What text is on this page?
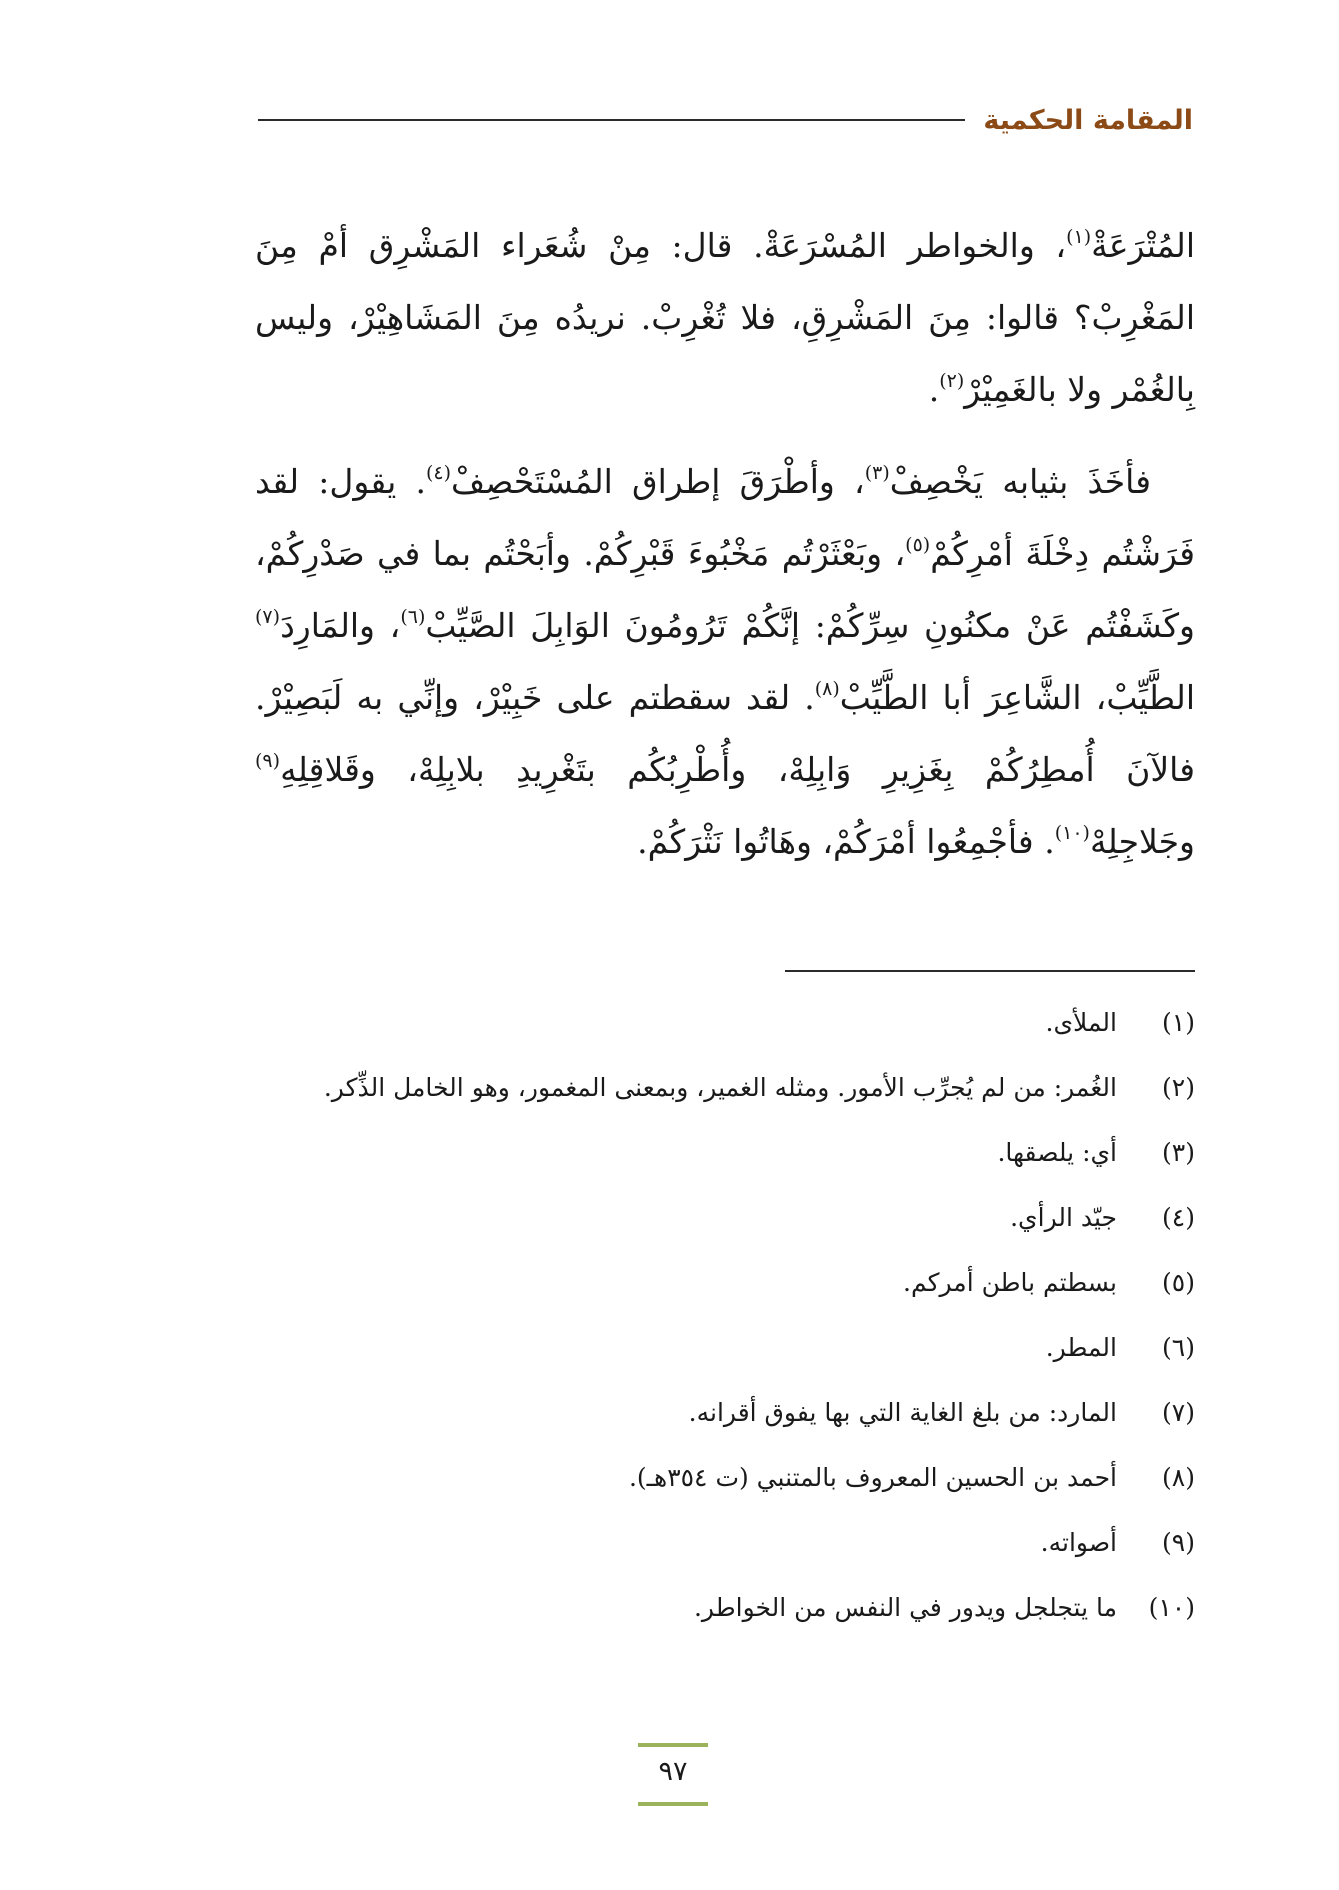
المقامة الحكمية

المُتْرَعَةْ$^{(١)}$، والخواطر المُسْرَعَةْ. قال: مِنْ شُعَراء المَشْرِق أمْ مِنَ المَغْرِبْ؟ قالوا: مِنَ المَشْرِقِ، فلا تُغْرِبْ. نريدُه مِنَ المَشَاهِيْرْ، وليس بِالغُمْر ولا بالغَمِيْرْ$^{(٢)}$.

فأخَذَ بثيابه يَخْصِفْ$^{(٣)}$، وأطْرَقَ إطراق المُسْتَحْصِفْ$^{(٤)}$. يقول: لقد فَرَشْتُم دِخْلَةَ أمْرِكُمْ$^{(٥)}$، وبَعْثَرْتُم مَخْبُوءَ قَبْرِكُمْ. وأبَحْتُم بما في صَدْرِكُمْ، وكَشَفْتُم عَنْ مكنُونِ سِرِّكُمْ: إنَّكُمْ تَرُومُونَ الوَابِلَ الصَّيِّبْ$^{(٦)}$، والمَارِدَ$^{(٧)}$ الطَّيِّبْ، الشَّاعِرَ أبا الطَّيِّبْ$^{(٨)}$. لقد سقطتم على خَبِيْرْ، وإنِّي به لَبَصِيْرْ. فالآنَ أُمطِرُكُمْ بِغَزِيرِ وَابِلِهْ، وأُطْرِبُكُم بتَغْرِيدِ بلابِلِهْ، وقَلاقِلِهِ$^{(٩)}$ وجَلاجِلِهْ$^{(١٠)}$. فأجْمِعُوا أمْرَكُمْ، وهَاتُوا نَثْرَكُمْ.

(١)
الملأى.
(٢)
الغُمر: من لم يُجرِّب الأمور. ومثله الغمير، وبمعنى المغمور، وهو الخامل الذِّكر.
(٣)
أي: يلصقها.
(٤)
جيّد الرأي.
(٥)
بسطتم باطن أمركم.
(٦)
المطر.
(٧)
المارد: من بلغ الغاية التي بها يفوق أقرانه.
(٨)
أحمد بن الحسين المعروف بالمتنبي (ت ٣٥٤هـ).
(٩)
أصواته.
(١٠)
ما يتجلجل ويدور في النفس من الخواطر.
٩٧
